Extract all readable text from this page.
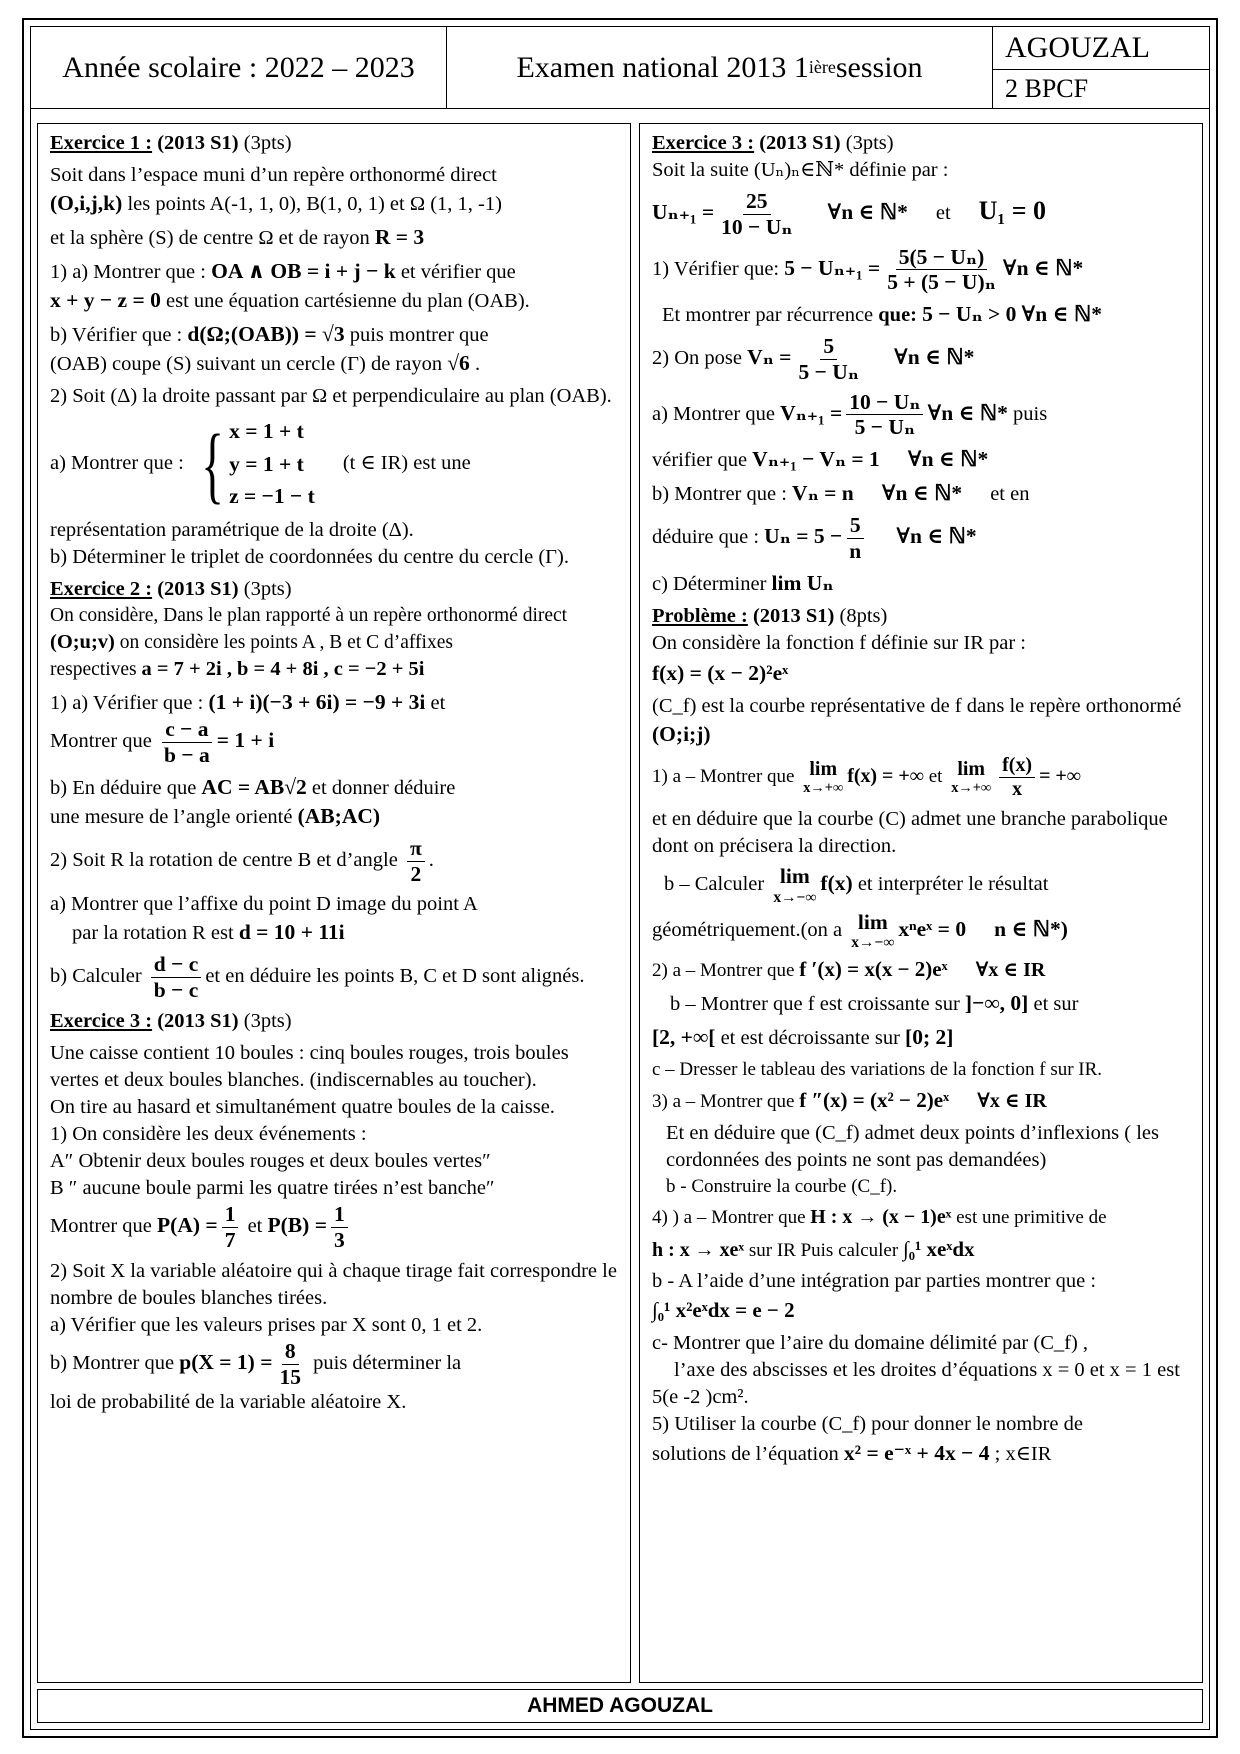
Année scolaire : 2022 – 2023	Examen national 2013 1 ière session
AGOUZAL
2 BPCF

Exercice 1 : (2013 S1) (3pts)

Soit dans l’espace muni d’un repère orthonormé direct
(O,i,j,k) les points A(-1, 1, 0), B(1, 0, 1) et Ω (1, 1, -1)

et la sphère (S) de centre Ω et de rayon R = 3

1) a) Montrer que : OA ∧ OB = i + j − k et vérifier que
x + y − z = 0 est une équation cartésienne du plan (OAB).

b) Vérifier que : d(Ω;(OAB)) = √3 puis montrer que
(OAB) coupe (S) suivant un cercle (Γ) de rayon √6 .

2) Soit (Δ) la droite passant par Ω et perpendiculaire au plan (OAB).

a) Montrer que : { x = 1 + t
y = 1 + t
z = −1 − t
(t ∈ IR) est une

représentation paramétrique de la droite (Δ).

b) Déterminer le triplet de coordonnées du centre du cercle (Γ).

Exercice 2 : (2013 S1) (3pts)

On considère, Dans le plan rapporté à un repère orthonormé direct (O;u;v) on considère les points A , B et C d’affixes
respectives a = 7 + 2i , b = 4 + 8i , c = −2 + 5i

1) a) Vérifier que : (1 + i)(−3 + 6i) = −9 + 3i et
Montrer que $\frac{c - a}{b - a} = 1 + i$

b) En déduire que AC = AB√2 et donner déduire
une mesure de l’angle orienté (AB;AC)

2) Soit R la rotation de centre B et d’angle $\frac{\pi}{2}$ .

a) Montrer que l’affixe du point D image du point A
par la rotation R est d = 10 + 11i

b) Calculer $\frac{d - c}{b - c}$ et en déduire les points B, C et D sont alignés.

Exercice 3 : (2013 S1) (3pts)

Une caisse contient 10 boules : cinq boules rouges, trois boules vertes et deux boules blanches. (indiscernables au toucher).

On tire au hasard et simultanément quatre boules de la caisse.

1) On considère les deux événements :

A″ Obtenir deux boules rouges et deux boules vertes″

B ″ aucune boule parmi les quatre tirées n’est banche″

Montrer que $P(A) = \frac{1}{7}$ et $P(B) = \frac{1}{3}$

2) Soit X la variable aléatoire qui à chaque tirage fait correspondre le nombre de boules blanches tirées.

a) Vérifier que les valeurs prises par X sont 0, 1 et 2.

b) Montrer que $p(X = 1) = \frac{8}{15}$ puis déterminer la
loi de probabilité de la variable aléatoire X.

Exercice 3 : (2013 S1) (3pts)

Soit la suite (Uₙ)ₙ∈ℕ* définie par :

$U_{n+1} = \frac{25}{\text{10 − Uₙ}}$ ∀n ∈ ℕ* et U₁ = 0

1) Vérifier que: $5 - U_{n+1} = \frac{\text{5(5 − Uₙ)}}{\text{5 + (5 − U)ₙ}}$ ∀n ∈ ℕ*

Et montrer par récurrence que: 5 − Uₙ > 0 ∀n ∈ ℕ*

2) On pose $V_n = \frac{5}{\text{5 − Uₙ}}$ ∀n ∈ ℕ*

a) Montrer que $V_{n+1} = \frac{\text{10 − Uₙ}}{\text{5 − Uₙ}}$ ∀n ∈ ℕ* puis

vérifier que Vₙ₊₁ − Vₙ = 1 ∀n ∈ ℕ*

b) Montrer que : Vₙ = n ∀n ∈ ℕ* et en

déduire que : $U_n = 5 - \frac{5}{n}$ ∀n ∈ ℕ*

c) Déterminer lim Uₙ

Problème : (2013 S1) (8pts)

On considère la fonction f définie sur IR par :

f(x) = (x − 2)²eˣ

(C_f) est la courbe représentative de f dans le repère orthonormé (O;i;j)

1) a – Montrer que lim
x→+∞
f(x) = +∞ et lim
$x\to+\infty \frac{f(x)}{x}$ = +∞

et en déduire que la courbe (C) admet une branche parabolique dont on précisera la direction.

b – Calculer lim
x→−∞
f(x) et interpréter le résultat

géométriquement.(on a lim
x→−∞
xⁿeˣ = 0 n ∈ ℕ*)

2) a – Montrer que f ′(x) = x(x − 2)eˣ ∀x ∈ IR

b – Montrer que f est croissante sur ]−∞, 0] et sur

[2, +∞[ et est décroissante sur [0; 2]

c – Dresser le tableau des variations de la fonction f sur IR.

3) a – Montrer que f ″(x) = (x² − 2)eˣ ∀x ∈ IR

Et en déduire que (C_f) admet deux points d’inflexions ( les cordonnées des points ne sont pas demandées)

b - Construire la courbe (C_f).

4) ) a – Montrer que H : x → (x − 1)eˣ est une primitive de

h : x → xeˣ sur IR Puis calculer ∫₀¹ xeˣdx

b - A l’aide d’une intégration par parties montrer que :

∫₀¹ x²eˣdx = e − 2

c- Montrer que l’aire du domaine délimité par (C_f) ,
l’axe des abscisses et les droites d’équations x = 0 et x = 1 est 5(e -2 )cm².

5) Utiliser la courbe (C_f) pour donner le nombre de
solutions de l’équation x² = e⁻ˣ + 4x − 4 ; x∈IR

AHMED AGOUZAL
